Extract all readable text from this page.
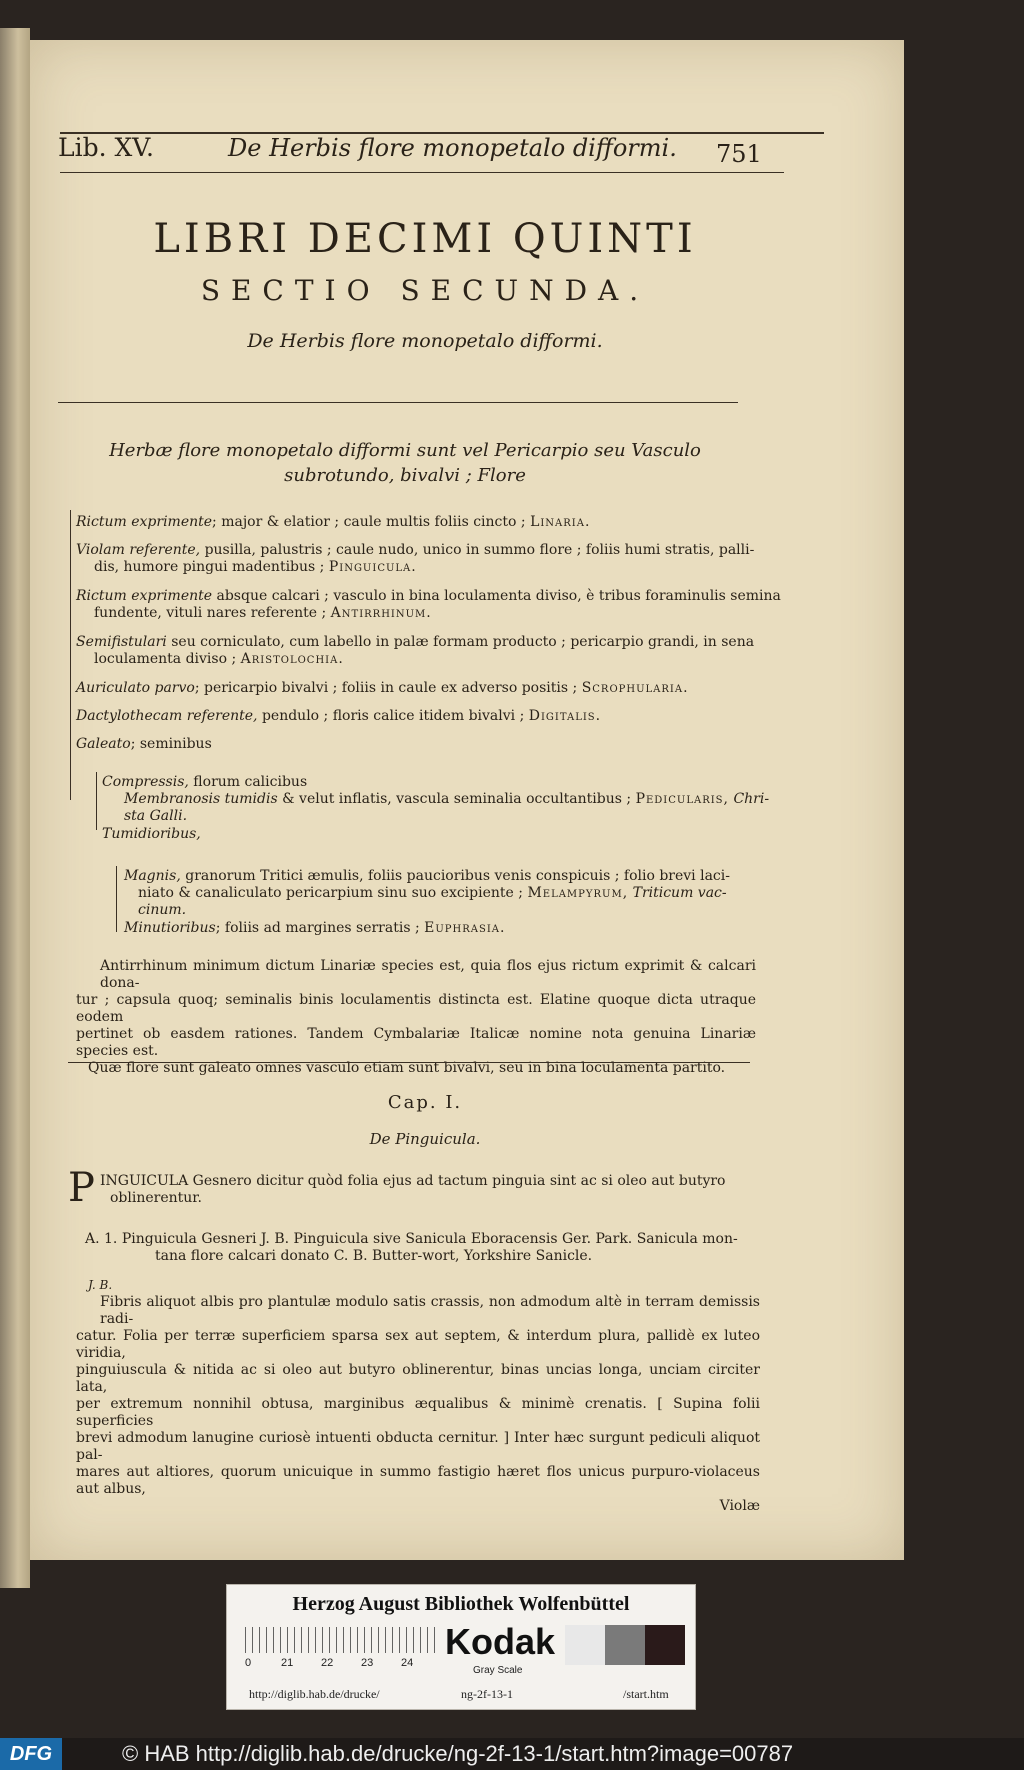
Lib. XV.	De Herbis flore monopetalo difformi. 751
LIBRI DECIMI QUINTI
SECTIO SECUNDA.
De Herbis flore monopetalo difformi.
Herbæ flore monopetalo difformi sunt vel Pericarpio seu Vasculo subrotundo, bivalvi ; Flore
Rictum exprimente; major & elatior ; caule multis foliis cincto ; Linaria.
Violam referente, pusilla, palustris ; caule nudo, unico in summo flore ; foliis humi stratis, palli-
dis, humore pingui madentibus ; Pinguicula.
Rictum exprimente absque calcari ; vasculo in bina loculamenta diviso, è tribus foraminulis semina
fundente, vituli nares referente ; Antirrhinum.
Semifistulari seu corniculato, cum labello in palæ formam producto ; pericarpio grandi, in sena
loculamenta diviso ; Aristolochia.
Auriculato parvo; pericarpio bivalvi ; foliis in caule ex adverso positis ; Scrophularia.
Dactylothecam referente, pendulo ; floris calice itidem bivalvi ; Digitalis.
Galeato; seminibus
Compressis, florum calicibus
Membranosis tumidis & velut inflatis, vascula seminalia occultantibus ; Pedicularis, Chri-
sta Galli.
Tumidioribus,
Magnis, granorum Tritici æmulis, foliis paucioribus venis conspicuis ; folio brevi laci-
niato & canaliculato pericarpium sinu suo excipiente ; Melampyrum, Triticum vac-
cinum.
Minutioribus; foliis ad margines serratis ; Euphrasia.
Antirrhinum minimum dictum Linariæ species est, quia flos ejus rictum exprimit & calcari dona-
tur ; capsula quoq; seminalis binis loculamentis distincta est. Elatine quoque dicta utraque eodem
pertinet ob easdem rationes. Tandem Cymbalariæ Italicæ nomine nota genuina Linariæ species est.
Quæ flore sunt galeato omnes vasculo etiam sunt bivalvi, seu in bina loculamenta partito.
Cap. I.
De Pinguicula.
P INGUICULA Gesnero dicitur quòd folia ejus ad tactum pinguia sint ac si oleo aut butyro
oblinerentur.
A. 1. Pinguicula Gesneri J. B. Pinguicula sive Sanicula Eboracensis Ger. Park. Sanicula mon-
tana flore calcari donato C. B. Butter-wort, Yorkshire Sanicle.
J. B.
Fibris aliquot albis pro plantulæ modulo satis crassis, non admodum altè in terram demissis radi-
catur. Folia per terræ superficiem sparsa sex aut septem, & interdum plura, pallidè ex luteo viridia,
pinguiuscula & nitida ac si oleo aut butyro oblinerentur, binas uncias longa, unciam circiter lata,
per extremum nonnihil obtusa, marginibus æqualibus & minimè crenatis. [ Supina folii superficies
brevi admodum lanugine curiosè intuenti obducta cernitur. ] Inter hæc surgunt pediculi aliquot pal-
mares aut altiores, quorum unicuique in summo fastigio hæret flos unicus purpuro-violaceus aut albus,
Violæ
Herzog August Bibliothek Wolfenbüttel
0	21	22	23	24
Kodak
Gray Scale
http://diglib.hab.de/drucke/	ng-2f-13-1	/start.htm
DFG	© HAB http://diglib.hab.de/drucke/ng-2f-13-1/start.htm?image=00787
